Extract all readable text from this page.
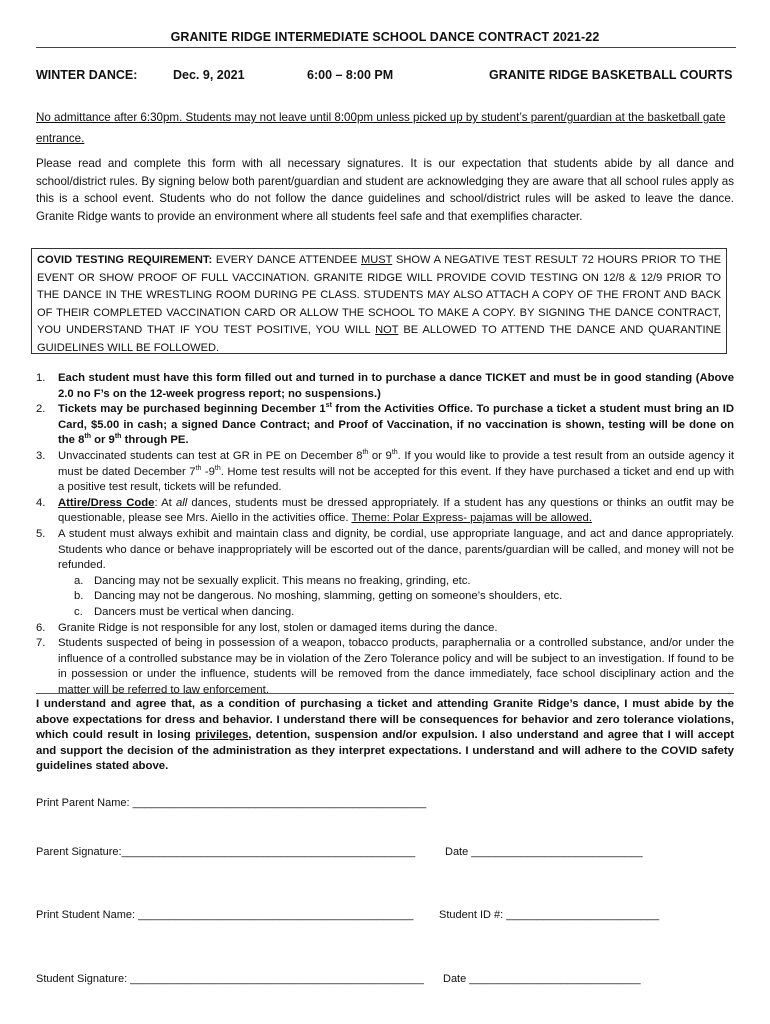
GRANITE RIDGE INTERMEDIATE SCHOOL DANCE CONTRACT 2021-22
WINTER DANCE:	Dec. 9, 2021	6:00 – 8:00 PM	GRANITE RIDGE BASKETBALL COURTS
No admittance after 6:30pm. Students may not leave until 8:00pm unless picked up by student’s parent/guardian at the basketball gate entrance.
Please read and complete this form with all necessary signatures. It is our expectation that students abide by all dance and school/district rules. By signing below both parent/guardian and student are acknowledging they are aware that all school rules apply as this is a school event. Students who do not follow the dance guidelines and school/district rules will be asked to leave the dance. Granite Ridge wants to provide an environment where all students feel safe and that exemplifies character.
COVID TESTING REQUIREMENT: EVERY DANCE ATTENDEE MUST SHOW A NEGATIVE TEST RESULT 72 HOURS PRIOR TO THE EVENT OR SHOW PROOF OF FULL VACCINATION. GRANITE RIDGE WILL PROVIDE COVID TESTING ON 12/8 & 12/9 PRIOR TO THE DANCE IN THE WRESTLING ROOM DURING PE CLASS. STUDENTS MAY ALSO ATTACH A COPY OF THE FRONT AND BACK OF THEIR COMPLETED VACCINATION CARD OR ALLOW THE SCHOOL TO MAKE A COPY. BY SIGNING THE DANCE CONTRACT, YOU UNDERSTAND THAT IF YOU TEST POSITIVE, YOU WILL NOT BE ALLOWED TO ATTEND THE DANCE AND QUARANTINE GUIDELINES WILL BE FOLLOWED.
1. Each student must have this form filled out and turned in to purchase a dance TICKET and must be in good standing (Above 2.0 no F’s on the 12-week progress report; no suspensions.)
2. Tickets may be purchased beginning December 1st from the Activities Office. To purchase a ticket a student must bring an ID Card, $5.00 in cash; a signed Dance Contract; and Proof of Vaccination, if no vaccination is shown, testing will be done on the 8th or 9th through PE.
3. Unvaccinated students can test at GR in PE on December 8th or 9th. If you would like to provide a test result from an outside agency it must be dated December 7th -9th. Home test results will not be accepted for this event. If they have purchased a ticket and end up with a positive test result, tickets will be refunded.
4. Attire/Dress Code: At all dances, students must be dressed appropriately. If a student has any questions or thinks an outfit may be questionable, please see Mrs. Aiello in the activities office. Theme: Polar Express- pajamas will be allowed.
5. A student must always exhibit and maintain class and dignity, be cordial, use appropriate language, and act and dance appropriately. Students who dance or behave inappropriately will be escorted out of the dance, parents/guardian will be called, and money will not be refunded.
a. Dancing may not be sexually explicit. This means no freaking, grinding, etc.
b. Dancing may not be dangerous. No moshing, slamming, getting on someone’s shoulders, etc.
c. Dancers must be vertical when dancing.
6. Granite Ridge is not responsible for any lost, stolen or damaged items during the dance.
7. Students suspected of being in possession of a weapon, tobacco products, paraphernalia or a controlled substance, and/or under the influence of a controlled substance may be in violation of the Zero Tolerance policy and will be subject to an investigation. If found to be in possession or under the influence, students will be removed from the dance immediately, face school disciplinary action and the matter will be referred to law enforcement.
I understand and agree that, as a condition of purchasing a ticket and attending Granite Ridge’s dance, I must abide by the above expectations for dress and behavior. I understand there will be consequences for behavior and zero tolerance violations, which could result in losing privileges, detention, suspension and/or expulsion. I also understand and agree that I will accept and support the decision of the administration as they interpret expectations. I understand and will adhere to the COVID safety guidelines stated above.
Print Parent Name: ________________________________________________
Parent Signature:________________________________________________	Date ____________________________
Print Student Name: _____________________________________________ Student ID #: _________________________
Student Signature: ________________________________________________ Date ____________________________
